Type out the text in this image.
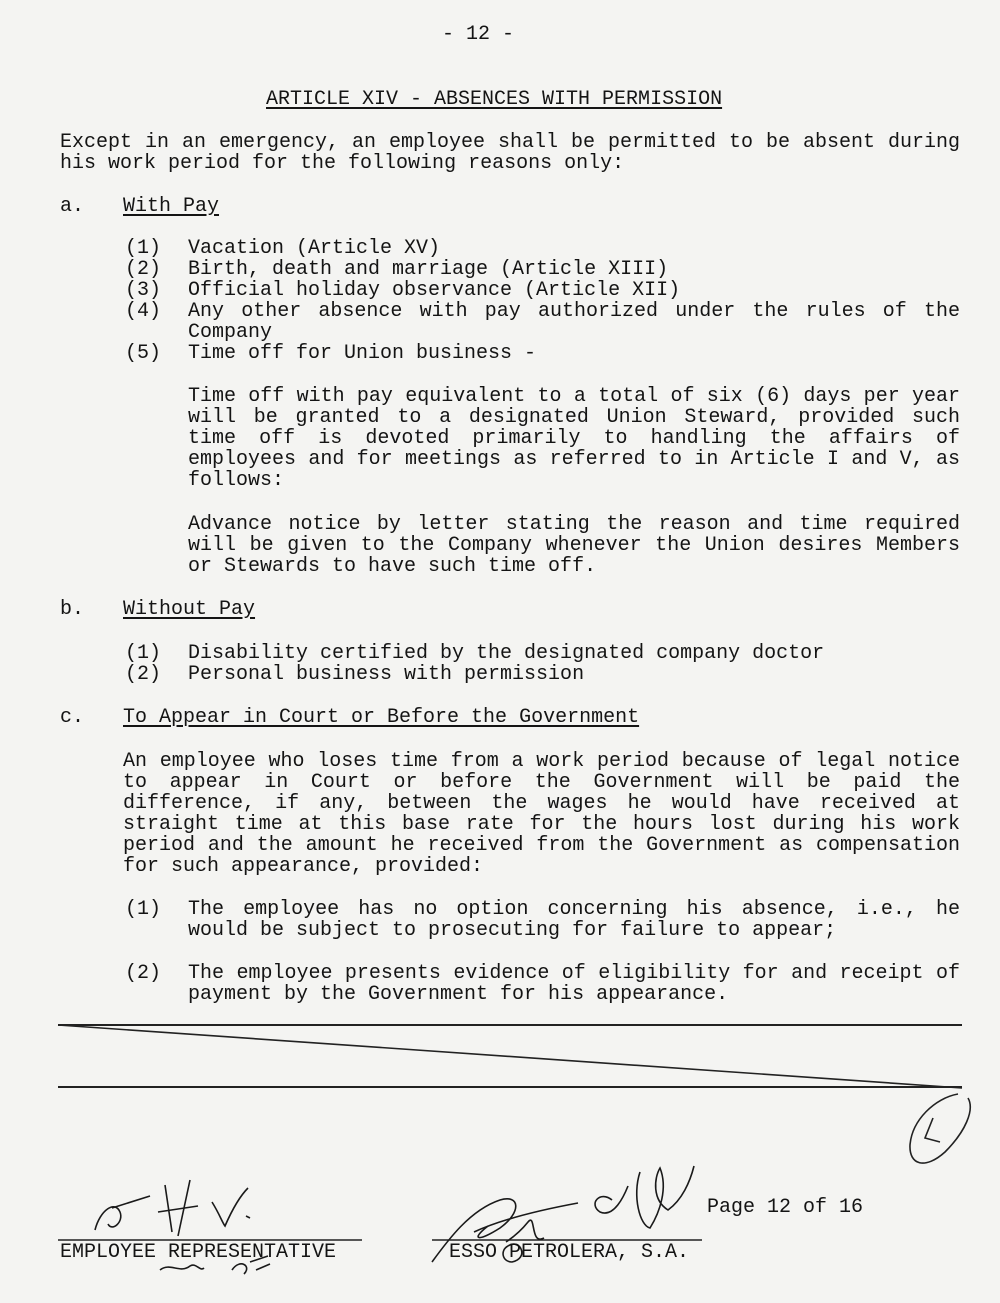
- 12 -
ARTICLE XIV - ABSENCES WITH PERMISSION
Except in an emergency, an employee shall be permitted to be absent during his work period for the following reasons only:
a. With Pay
(1) Vacation (Article XV)
(2) Birth, death and marriage (Article XIII)
(3) Official holiday observance (Article XII)
(4) Any other absence with pay authorized under the rules of the Company
(5) Time off for Union business -
Time off with pay equivalent to a total of six (6) days per year will be granted to a designated Union Steward, provided such time off is devoted primarily to handling the affairs of employees and for meetings as referred to in Article I and V, as follows:
Advance notice by letter stating the reason and time required will be given to the Company whenever the Union desires Members or Stewards to have such time off.
b. Without Pay
(1) Disability certified by the designated company doctor
(2) Personal business with permission
c. To Appear in Court or Before the Government
An employee who loses time from a work period because of legal notice to appear in Court or before the Government will be paid the difference, if any, between the wages he would have received at straight time at this base rate for the hours lost during his work period and the amount he received from the Government as compensation for such appearance, provided:
(1) The employee has no option concerning his absence, i.e., he would be subject to prosecuting for failure to appear;
(2) The employee presents evidence of eligibility for and receipt of payment by the Government for his appearance.
Page 12 of 16
EMPLOYEE REPRESENTATIVE	ESSO PETROLERA, S.A.
